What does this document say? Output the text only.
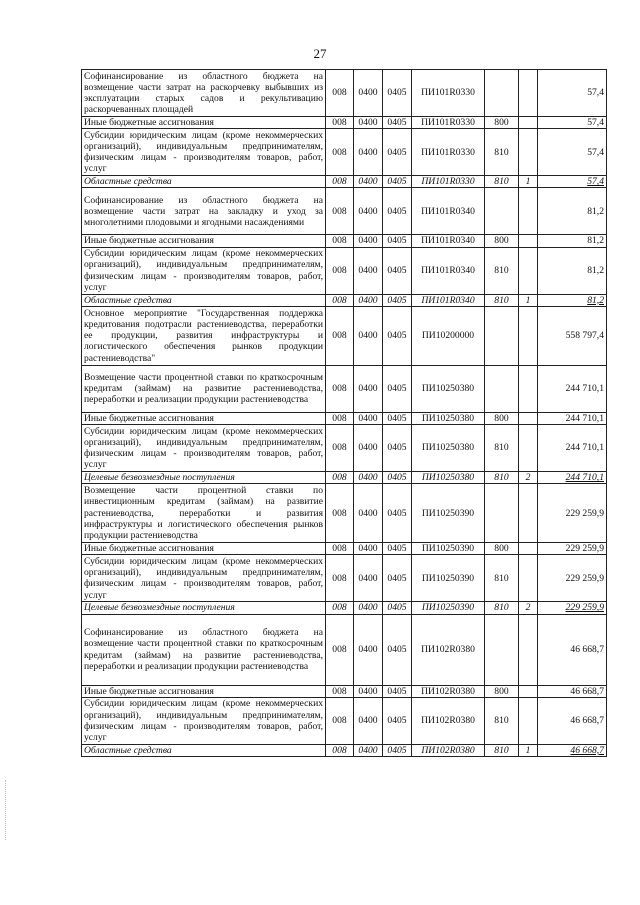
27
Софинансирование из областного бюджета на возмещение части затрат на раскорчевку выбывших из эксплуатации старых садов и рекультивацию раскорчеванных площадей	008	0400	0405	ПИ101R0330			57,4
Иные бюджетные ассигнования	008	0400	0405	ПИ101R0330	800		57,4
Субсидии юридическим лицам (кроме некоммерческих организаций), индивидуальным предпринимателям, физическим лицам - производителям товаров, работ, услуг	008	0400	0405	ПИ101R0330	810		57,4
Областные средства	008	0400	0405	ПИ101R0330	810	1	57,4
Софинансирование из областного бюджета на возмещение части затрат на закладку и уход за многолетними плодовыми и ягодными насаждениями	008	0400	0405	ПИ101R0340			81,2
Иные бюджетные ассигнования	008	0400	0405	ПИ101R0340	800		81,2
Субсидии юридическим лицам (кроме некоммерческих организаций), индивидуальным предпринимателям, физическим лицам - производителям товаров, работ, услуг	008	0400	0405	ПИ101R0340	810		81,2
Областные средства	008	0400	0405	ПИ101R0340	810	1	81,2
Основное мероприятие "Государственная поддержка кредитования подотрасли растениеводства, переработки ее продукции, развития инфраструктуры и логистического обеспечения рынков продукции растениеводства"	008	0400	0405	ПИ10200000			558 797,4
Возмещение части процентной ставки по краткосрочным кредитам (займам) на развитие растениеводства, переработки и реализации продукции растениеводства	008	0400	0405	ПИ10250380			244 710,1
Иные бюджетные ассигнования	008	0400	0405	ПИ10250380	800		244 710,1
Субсидии юридическим лицам (кроме некоммерческих организаций), индивидуальным предпринимателям, физическим лицам - производителям товаров, работ, услуг	008	0400	0405	ПИ10250380	810		244 710,1
Целевые безвозмездные поступления	008	0400	0405	ПИ10250380	810	2	244 710,1
Возмещение части процентной ставки по инвестиционным кредитам (займам) на развитие растениеводства, переработки и развития инфраструктуры и логистического обеспечения рынков продукции растениеводства	008	0400	0405	ПИ10250390			229 259,9
Иные бюджетные ассигнования	008	0400	0405	ПИ10250390	800		229 259,9
Субсидии юридическим лицам (кроме некоммерческих организаций), индивидуальным предпринимателям, физическим лицам - производителям товаров, работ, услуг	008	0400	0405	ПИ10250390	810		229 259,9
Целевые безвозмездные поступления	008	0400	0405	ПИ10250390	810	2	229 259,9
Софинансирование из областного бюджета на возмещение части процентной ставки по краткосрочным кредитам (займам) на развитие растениеводства, переработки и реализации продукции растениеводства	008	0400	0405	ПИ102R0380			46 668,7
Иные бюджетные ассигнования	008	0400	0405	ПИ102R0380	800		46 668,7
Субсидии юридическим лицам (кроме некоммерческих организаций), индивидуальным предпринимателям, физическим лицам - производителям товаров, работ, услуг	008	0400	0405	ПИ102R0380	810		46 668,7
Областные средства	008	0400	0405	ПИ102R0380	810	1	46 668,7
